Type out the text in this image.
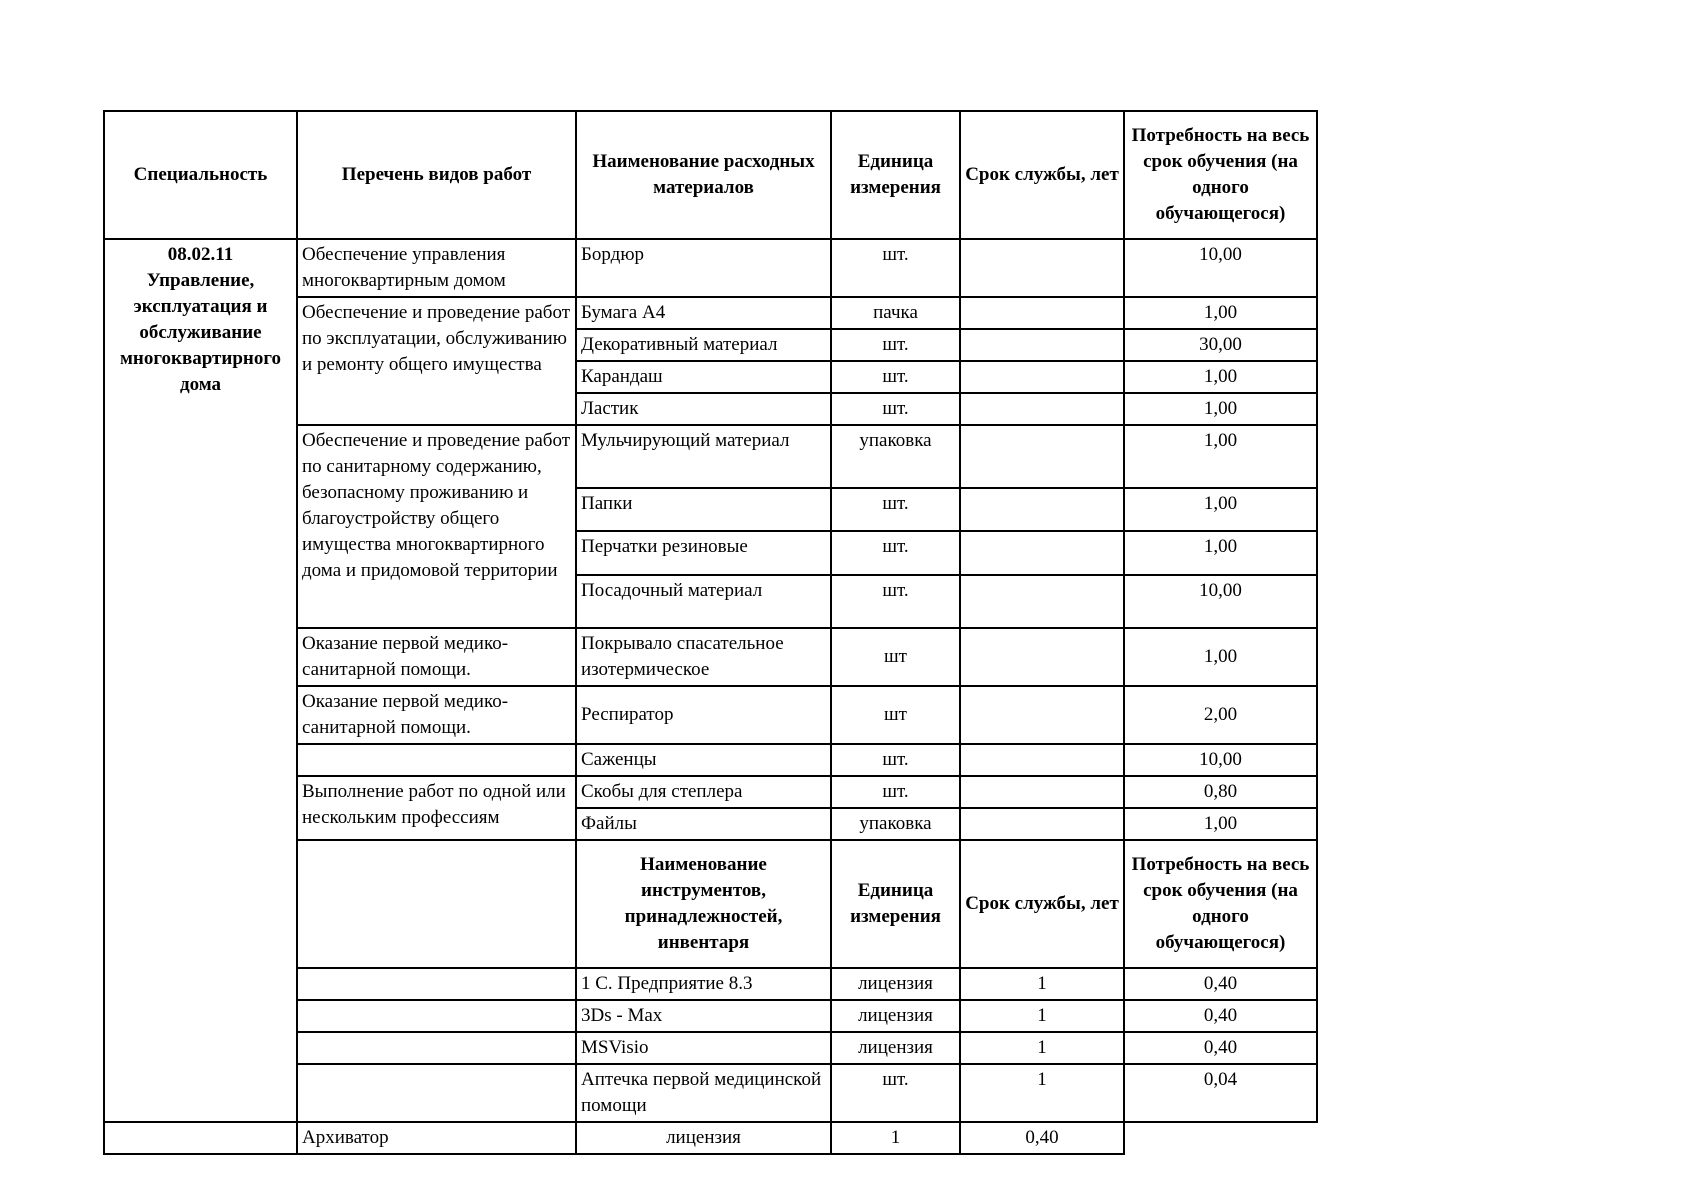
Специальность	Перечень видов работ	Наименование расходных материалов	Единица измерения	Срок службы, лет	Потребность на весь срок обучения (на одного обучающегося)

08.02.11
Управление, эксплуатация и обслуживание многоквартирного дома	Обеспечение управления многоквартирным домом	Бордюр	шт.		10,00
	Обеспечение и проведение работ по эксплуатации, обслуживанию и ремонту общего имущества	Бумага А4	пачка		1,00
		Декоративный материал	шт.		30,00
		Карандаш	шт.		1,00
		Ластик	шт.		1,00
	Обеспечение и проведение работ по санитарному содержанию, безопасному проживанию и благоустройству общего имущества многоквартирного дома и придомовой территории	Мульчирующий материал	упаковка		1,00
		Папки	шт.		1,00
		Перчатки резиновые	шт.		1,00
		Посадочный материал	шт.		10,00
	Оказание первой медико-санитарной помощи.	Покрывало спасательное изотермическое	шт		1,00
	Оказание первой медико-санитарной помощи.	Респиратор	шт		2,00
		Саженцы	шт.		10,00
	Выполнение работ по одной или нескольким профессиям	Скобы для степлера	шт.		0,80
		Файлы	упаковка		1,00
		Наименование инструментов, принадлежностей, инвентаря	Единица измерения	Срок службы, лет	Потребность на весь срок обучения (на одного обучающегося)
		1 С. Предприятие 8.3	лицензия	1	0,40
		3Ds - Max	лицензия	1	0,40
		MSVisio	лицензия	1	0,40
		Аптечка первой медицинской помощи	шт.	1	0,04
	Архиватор	лицензия	1	0,40	
